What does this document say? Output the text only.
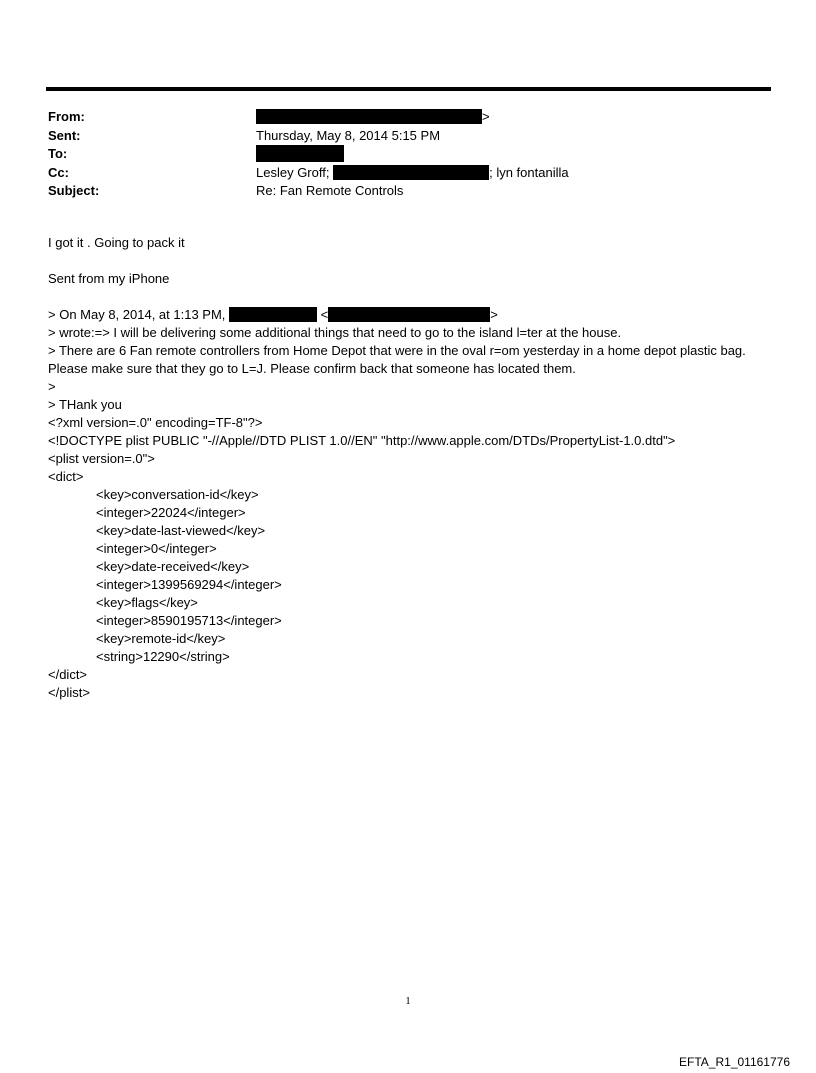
From:	>
Sent:	Thursday, May 8, 2014 5:15 PM
To:
Cc:	Lesley Groff;	; lyn fontanilla
Subject:	Re: Fan Remote Controls
I got it . Going to pack it
Sent from my iPhone
> On May 8, 2014, at 1:13 PM,	<	>
> wrote:=> I will be delivering some additional things that need to go to the island l=ter at the house.
> There are 6 Fan remote controllers from Home Depot that were in the oval r=om yesterday in a home depot plastic bag. Please make sure that they go to L=J. Please confirm back that someone has located them.
>
> THank you
<?xml version=.0" encoding=TF-8"?>
<!DOCTYPE plist PUBLIC "-//Apple//DTD PLIST 1.0//EN" "http://www.apple.com/DTDs/PropertyList-1.0.dtd">
<plist version=.0">
<dict>
<key>conversation-id</key>
<integer>22024</integer>
<key>date-last-viewed</key>
<integer>0</integer>
<key>date-received</key>
<integer>1399569294</integer>
<key>flags</key>
<integer>8590195713</integer>
<key>remote-id</key>
<string>12290</string>
</dict>
</plist>
1
EFTA_R1_01161776
